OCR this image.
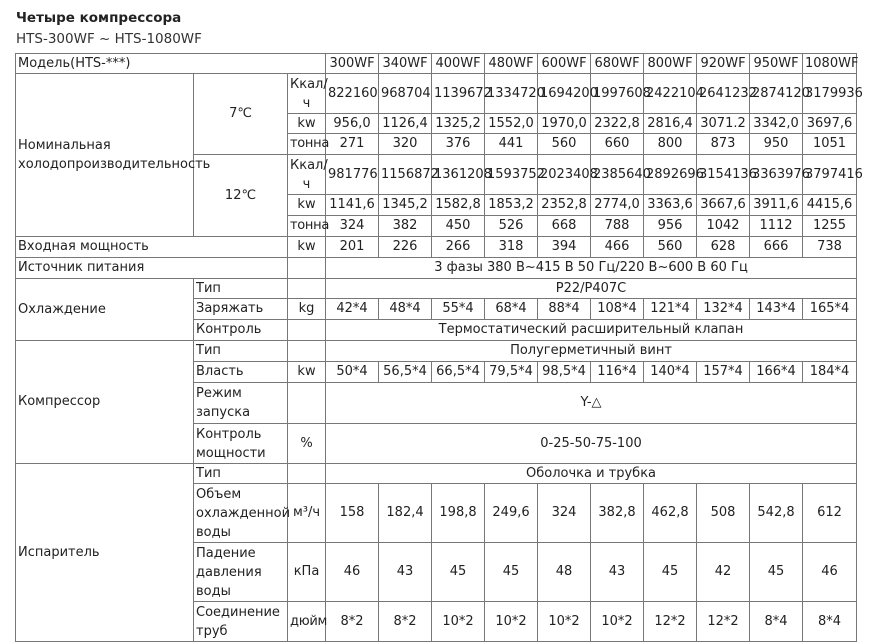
Четыре компрессора
HTS-300WF ~ HTS-1080WF
Модель(HTS-***)			300WF	340WF	400WF	480WF	600WF	680WF	800WF	920WF	950WF	1080WF
Номинальная холодопроизводительность	7℃	Ккал/ч	822160	968704	1139672	1334720	1694200	1997608	2422104	2641232	2874120	3179936
		kw	956,0	1126,4	1325,2	1552,0	1970,0	2322,8	2816,4	3071.2	3342,0	3697,6
		тонна	271	320	376	441	560	660	800	873	950	1051
	12℃	Ккал/ч	981776	1156872	1361208	1593752	2023408	2385640	2892696	3154136	3363976	3797416
		kw	1141,6	1345,2	1582,8	1853,2	2352,8	2774,0	3363,6	3667,6	3911,6	4415,6
		тонна	324	382	450	526	668	788	956	1042	1112	1255
Входная мощность		kw	201	226	266	318	394	466	560	628	666	738
Источник питания			3 фазы 380 В~415 В 50 Гц/220 В~600 В 60 Гц									
Охлаждение	Тип		P22/P407C									
	Заряжать	kg	42*4	48*4	55*4	68*4	88*4	108*4	121*4	132*4	143*4	165*4
	Контроль		Термостатический расширительный клапан									
Компрессор	Тип		Полугерметичный винт									
	Власть	kw	50*4	56,5*4	66,5*4	79,5*4	98,5*4	116*4	140*4	157*4	166*4	184*4
	Режим запуска		Y-△									
	Контроль мощности	%	0-25-50-75-100									
Испаритель	Тип		Оболочка и трубка									
	Объем охлажденной воды	м³/ч	158	182,4	198,8	249,6	324	382,8	462,8	508	542,8	612
	Падение давления воды	кПа	46	43	45	45	48	43	45	42	45	46
	Соединение труб	дюйм	8*2	8*2	10*2	10*2	10*2	10*2	12*2	12*2	8*4	8*4
